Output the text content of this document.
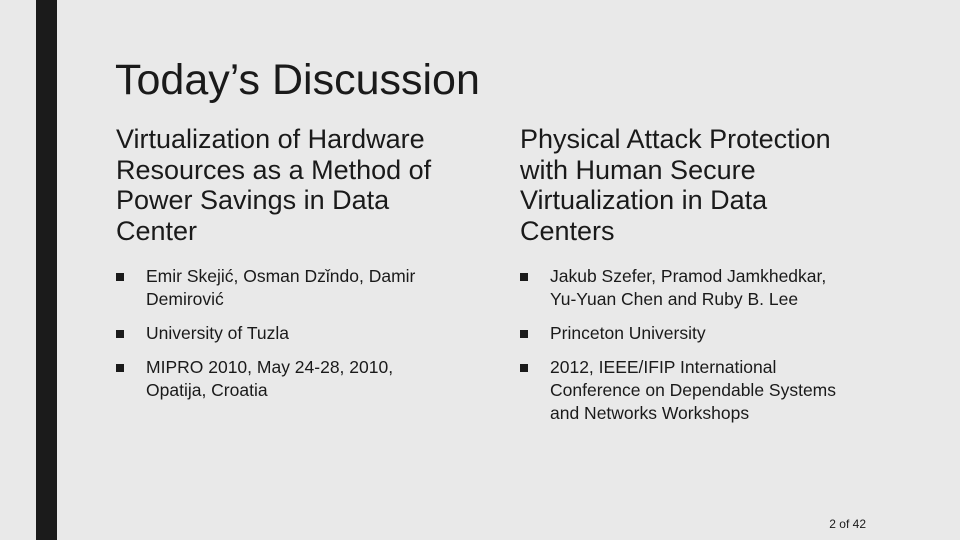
Today’s Discussion
Virtualization of Hardware Resources as a Method of Power Savings in Data Center
Emir Skejić, Osman Dzǐndo, Damir Demirović
University of Tuzla
MIPRO 2010, May 24-28, 2010, Opatija, Croatia
Physical Attack Protection with Human Secure Virtualization in Data Centers
Jakub Szefer, Pramod Jamkhedkar, Yu-Yuan Chen and Ruby B. Lee
Princeton University
2012, IEEE/IFIP International Conference on Dependable Systems and Networks Workshops
2 of 42
